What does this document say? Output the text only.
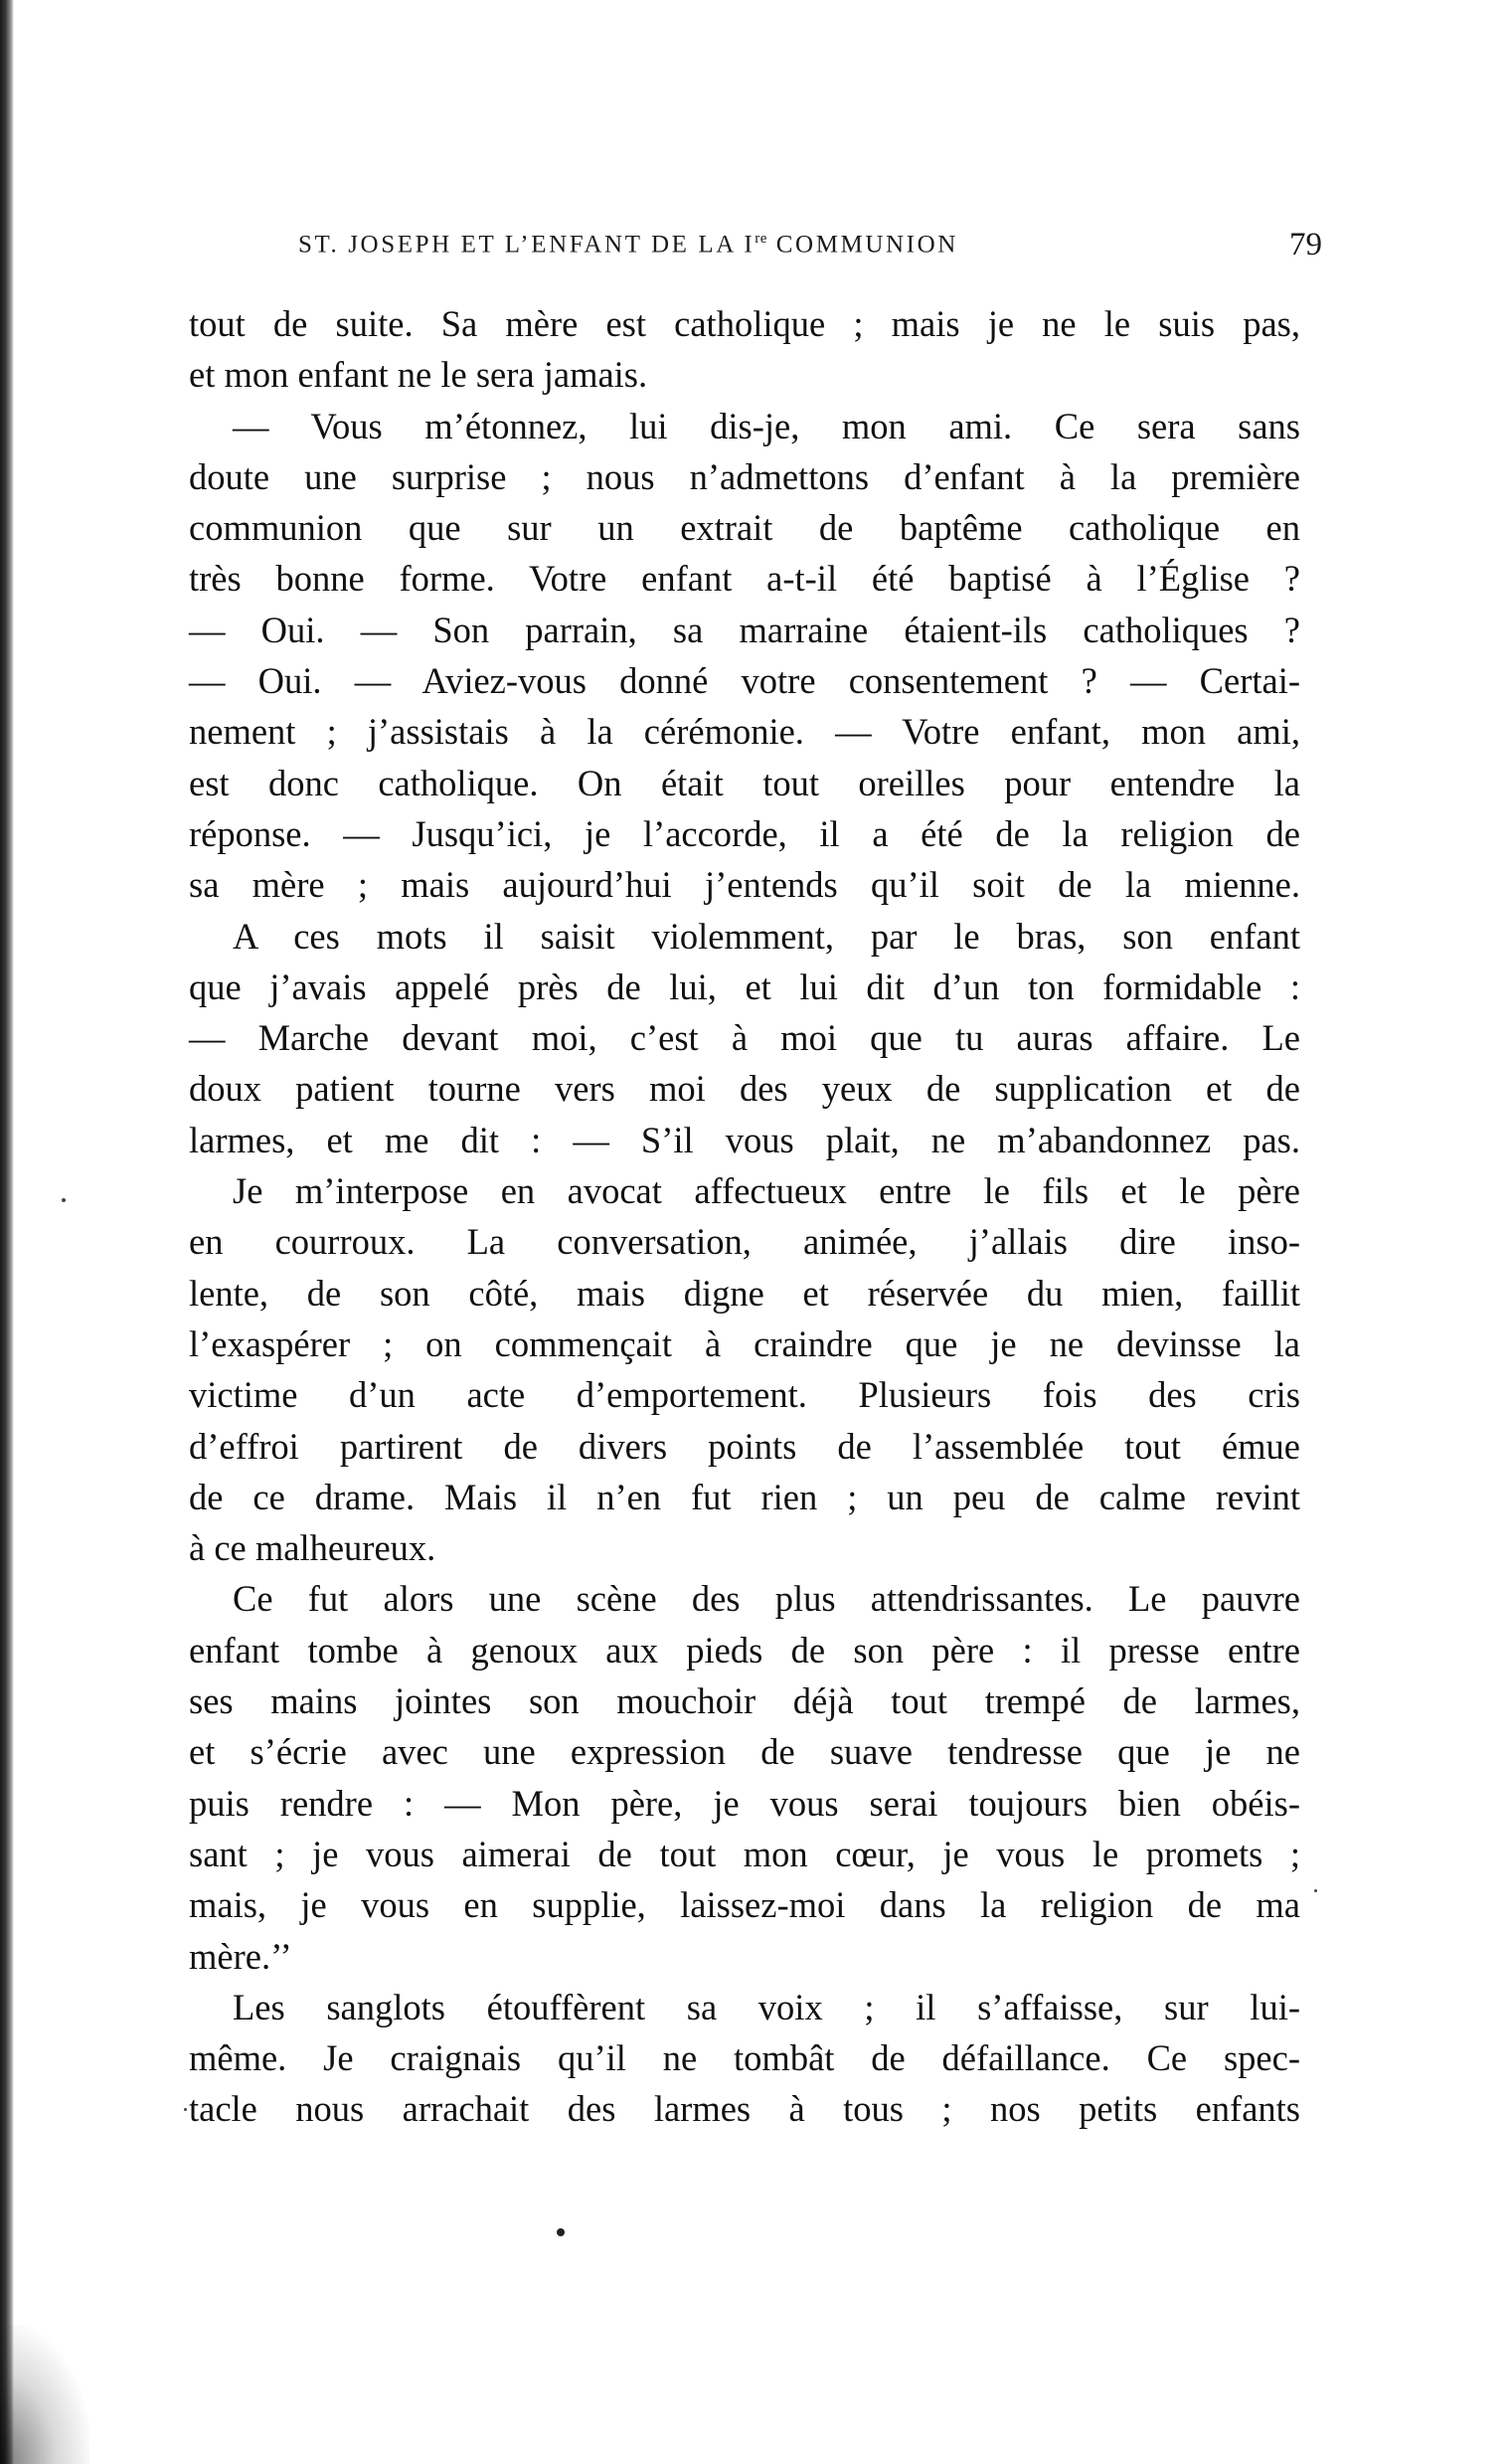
ST. JOSEPH ET L’ENFANT DE LA Ire COMMUNION	79
tout de suite. Sa mère est catholique ; mais je ne le suis pas,
et mon enfant ne le sera jamais.
— Vous m’étonnez, lui dis-je, mon ami. Ce sera sans
doute une surprise ; nous n’admettons d’enfant à la première
communion que sur un extrait de baptême catholique en
très bonne forme. Votre enfant a-t-il été baptisé à l’Église ?
— Oui. — Son parrain, sa marraine étaient-ils catholiques ?
— Oui. — Aviez-vous donné votre consentement ? — Certai-
nement ; j’assistais à la cérémonie. — Votre enfant, mon ami,
est donc catholique. On était tout oreilles pour entendre la
réponse. — Jusqu’ici, je l’accorde, il a été de la religion de
sa mère ; mais aujourd’hui j’entends qu’il soit de la mienne.
A ces mots il saisit violemment, par le bras, son enfant
que j’avais appelé près de lui, et lui dit d’un ton formidable :
— Marche devant moi, c’est à moi que tu auras affaire. Le
doux patient tourne vers moi des yeux de supplication et de
larmes, et me dit : — S’il vous plait, ne m’abandonnez pas.
Je m’interpose en avocat affectueux entre le fils et le père
en courroux. La conversation, animée, j’allais dire inso-
lente, de son côté, mais digne et réservée du mien, faillit
l’exaspérer ; on commençait à craindre que je ne devinsse la
victime d’un acte d’emportement. Plusieurs fois des cris
d’effroi partirent de divers points de l’assemblée tout émue
de ce drame. Mais il n’en fut rien ; un peu de calme revint
à ce malheureux.
Ce fut alors une scène des plus attendrissantes. Le pauvre
enfant tombe à genoux aux pieds de son père : il presse entre
ses mains jointes son mouchoir déjà tout trempé de larmes,
et s’écrie avec une expression de suave tendresse que je ne
puis rendre : — Mon père, je vous serai toujours bien obéis-
sant ; je vous aimerai de tout mon cœur, je vous le promets ;
mais, je vous en supplie, laissez-moi dans la religion de ma
mère.’’
Les sanglots étouffèrent sa voix ; il s’affaisse, sur lui-
même. Je craignais qu’il ne tombât de défaillance. Ce spec-
tacle nous arrachait des larmes à tous ; nos petits enfants
